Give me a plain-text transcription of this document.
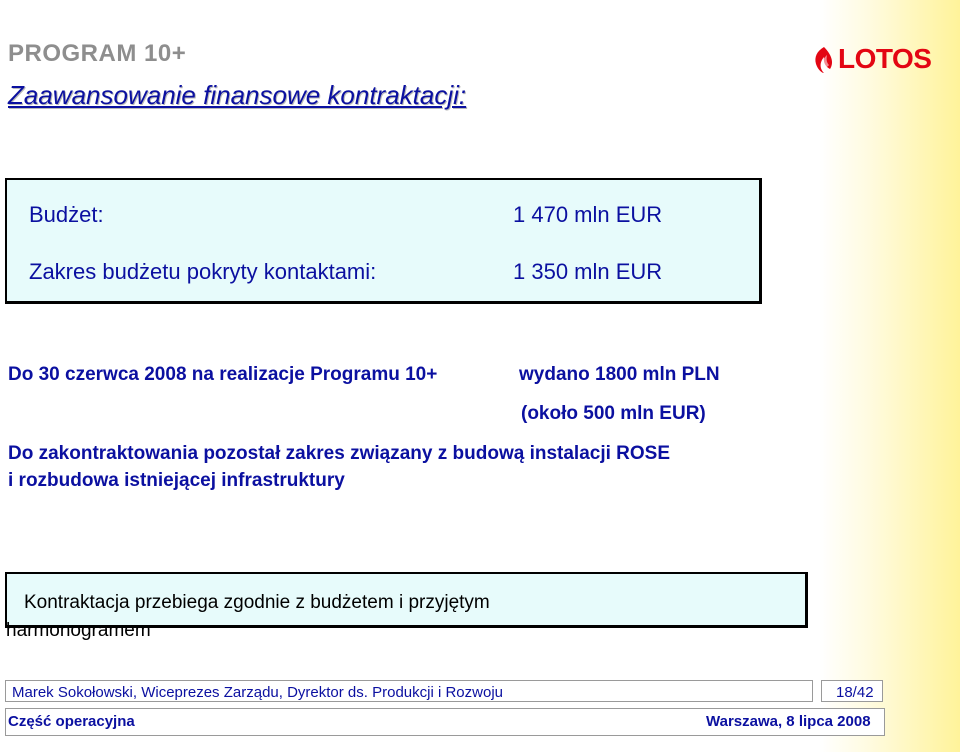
PROGRAM 10+
Zaawansowanie finansowe kontraktacji:
LOTOS
Budżet:	1 470 mln EUR
Zakres budżetu pokryty kontaktami:	1 350 mln EUR
Do 30 czerwca 2008 na realizacje Programu 10+	wydano 1800 mln PLN
(około 500 mln EUR)
Do zakontraktowania pozostał zakres związany z budową instalacji ROSE
i rozbudowa istniejącej infrastruktury
Kontraktacja przebiega zgodnie z budżetem i przyjętym
harmonogramem
Marek Sokołowski, Wiceprezes Zarządu, Dyrektor ds. Produkcji i Rozwoju	18/42
Część operacyjna	Warszawa, 8 lipca 2008
